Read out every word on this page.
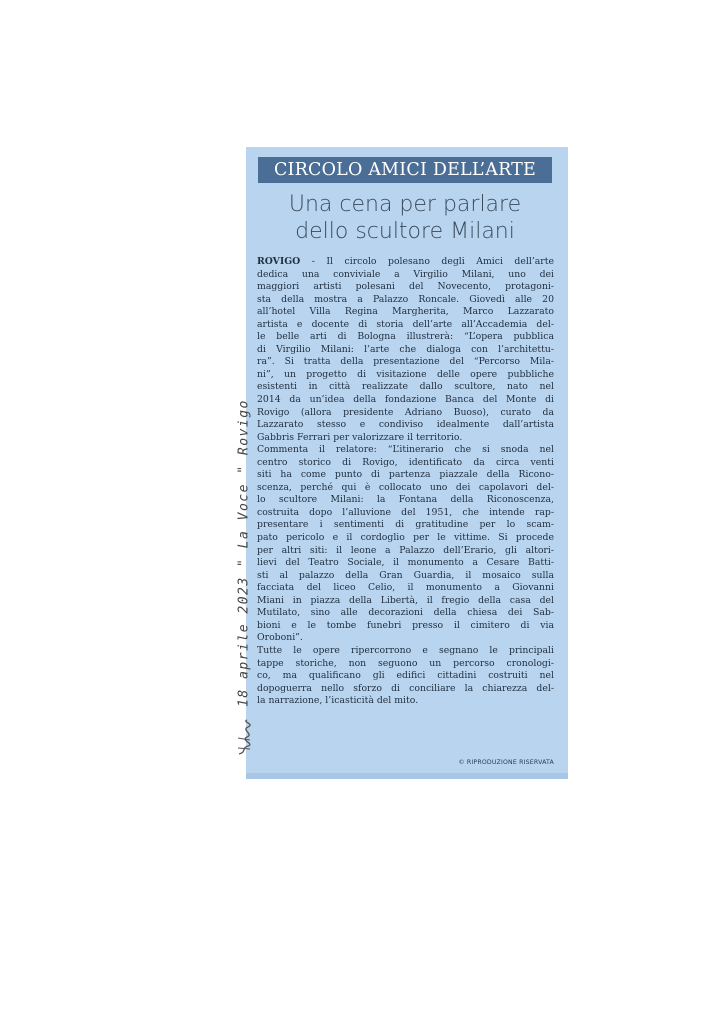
CIRCOLO AMICI DELL’ARTE
Una cena per parlare
dello scultore Milani
ROVIGO - Il circolo polesano degli Amici dell’arte
dedica una conviviale a Virgilio Milani, uno dei
maggiori artisti polesani del Novecento, protagoni-
sta della mostra a Palazzo Roncale. Giovedì alle 20
all’hotel Villa Regina Margherita, Marco Lazzarato
artista e docente di storia dell’arte all’Accademia del-
le belle arti di Bologna illustrerà: “L’opera pubblica
di Virgilio Milani: l’arte che dialoga con l’architettu-
ra”. Si tratta della presentazione del “Percorso Mila-
ni”, un progetto di visitazione delle opere pubbliche
esistenti in città realizzate dallo scultore, nato nel
2014 da un’idea della fondazione Banca del Monte di
Rovigo (allora presidente Adriano Buoso), curato da
Lazzarato stesso e condiviso idealmente dall’artista
Gabbris Ferrari per valorizzare il territorio.
Commenta il relatore: “L’itinerario che si snoda nel
centro storico di Rovigo, identificato da circa venti
siti ha come punto di partenza piazzale della Ricono-
scenza, perché qui è collocato uno dei capolavori del-
lo scultore Milani: la Fontana della Riconoscenza,
costruita dopo l’alluvione del 1951, che intende rap-
presentare i sentimenti di gratitudine per lo scam-
pato pericolo e il cordoglio per le vittime. Si procede
per altri siti: il leone a Palazzo dell’Erario, gli altori-
lievi del Teatro Sociale, il monumento a Cesare Batti-
sti al palazzo della Gran Guardia, il mosaico sulla
facciata del liceo Celio, il monumento a Giovanni
Miani in piazza della Libertà, il fregio della casa del
Mutilato, sino alle decorazioni della chiesa dei Sab-
bioni e le tombe funebri presso il cimitero di via
Oroboni”.
Tutte le opere ripercorrono e segnano le principali
tappe storiche, non seguono un percorso cronologi-
co, ma qualificano gli edifici cittadini costruiti nel
dopoguerra nello sforzo di conciliare la chiarezza del-
la narrazione, l’icasticità del mito.
© RIPRODUZIONE RISERVATA
18 aprile 2023 " La Voce " Rovigo
